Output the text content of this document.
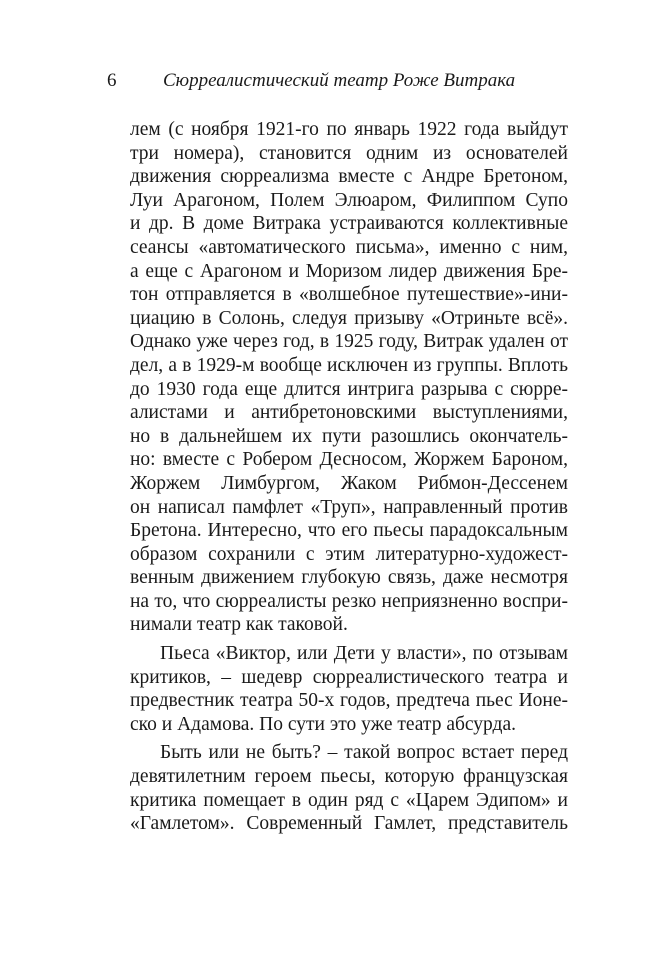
6 Сюрреалистический театр Роже Витрака
лем (с ноября 1921-го по январь 1922 года выйдут
три номера), становится одним из основателей
движения сюрреализма вместе с Андре Бретоном,
Луи Арагоном, Полем Элюаром, Филиппом Супо
и др. В доме Витрака устраиваются коллективные
сеансы «автоматического письма», именно с ним,
а еще с Арагоном и Моризом лидер движения Бре-
тон отправляется в «волшебное путешествие»-ини-
циацию в Солонь, следуя призыву «Отриньте всё».
Однако уже через год, в 1925 году, Витрак удален от
дел, а в 1929-м вообще исключен из группы. Вплоть
до 1930 года еще длится интрига разрыва с сюрре-
алистами и антибретоновскими выступлениями,
но в дальнейшем их пути разошлись окончатель-
но: вместе с Робером Десносом, Жоржем Бароном,
Жоржем Лимбургом, Жаком Рибмон-Дессенем
он написал памфлет «Труп», направленный против
Бретона. Интересно, что его пьесы парадоксальным
образом сохранили с этим литературно-художест-
венным движением глубокую связь, даже несмотря
на то, что сюрреалисты резко неприязненно воспри-
нимали театр как таковой.
Пьеса «Виктор, или Дети у власти», по отзывам
критиков, – шедевр сюрреалистического театра и
предвестник театра 50-х годов, предтеча пьес Ионе-
ско и Адамова. По сути это уже театр абсурда.
Быть или не быть? – такой вопрос встает перед
девятилетним героем пьесы, которую французская
критика помещает в один ряд с «Царем Эдипом» и
«Гамлетом». Современный Гамлет, представитель
